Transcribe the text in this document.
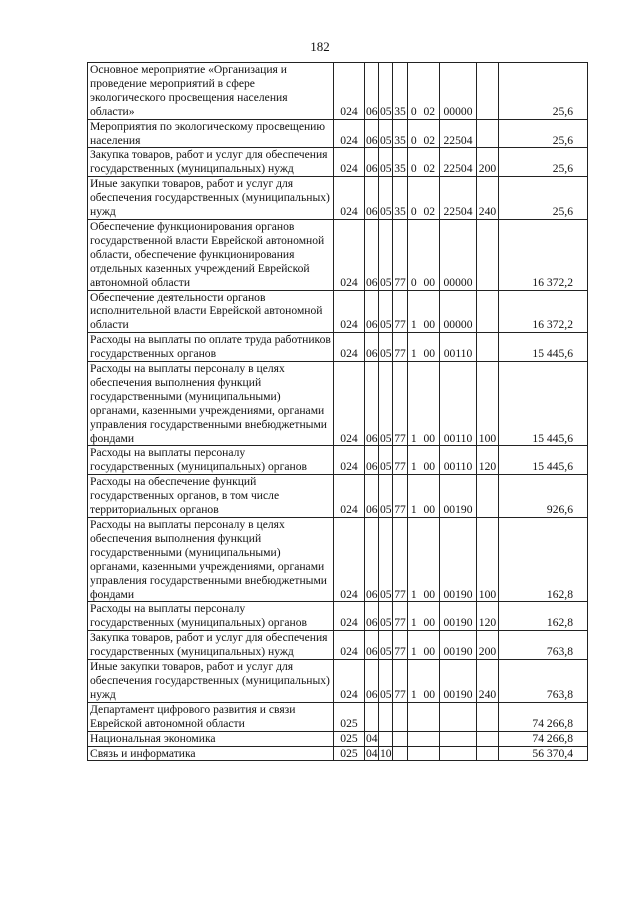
182
Основное мероприятие «Организация и проведение мероприятий в сфере экологического просвещения населения области»	024	06	05	35	0	02	00000		25,6
Мероприятия по экологическому просвещению населения	024	06	05	35	0	02	22504		25,6
Закупка товаров, работ и услуг для обеспечения государственных (муниципальных) нужд	024	06	05	35	0	02	22504	200	25,6
Иные закупки товаров, работ и услуг для обеспечения государственных (муниципальных) нужд	024	06	05	35	0	02	22504	240	25,6
Обеспечение функционирования органов государственной власти Еврейской автономной области, обеспечение функционирования отдельных казенных учреждений Еврейской автономной области	024	06	05	77	0	00	00000		16 372,2
Обеспечение деятельности органов исполнительной власти Еврейской автономной области	024	06	05	77	1	00	00000		16 372,2
Расходы на выплаты по оплате труда работников государственных органов	024	06	05	77	1	00	00110		15 445,6
Расходы на выплаты персоналу в целях обеспечения выполнения функций государственными (муниципальными) органами, казенными учреждениями, органами управления государственными внебюджетными фондами	024	06	05	77	1	00	00110	100	15 445,6
Расходы на выплаты персоналу государственных (муниципальных) органов	024	06	05	77	1	00	00110	120	15 445,6
Расходы на обеспечение функций государственных органов, в том числе территориальных органов	024	06	05	77	1	00	00190		926,6
Расходы на выплаты персоналу в целях обеспечения выполнения функций государственными (муниципальными) органами, казенными учреждениями, органами управления государственными внебюджетными фондами	024	06	05	77	1	00	00190	100	162,8
Расходы на выплаты персоналу государственных (муниципальных) органов	024	06	05	77	1	00	00190	120	162,8
Закупка товаров, работ и услуг для обеспечения государственных (муниципальных) нужд	024	06	05	77	1	00	00190	200	763,8
Иные закупки товаров, работ и услуг для обеспечения государственных (муниципальных) нужд	024	06	05	77	1	00	00190	240	763,8
Департамент цифрового развития и связи Еврейской автономной области	025								74 266,8
Национальная экономика	025	04							74 266,8
Связь и информатика	025	04	10						56 370,4
